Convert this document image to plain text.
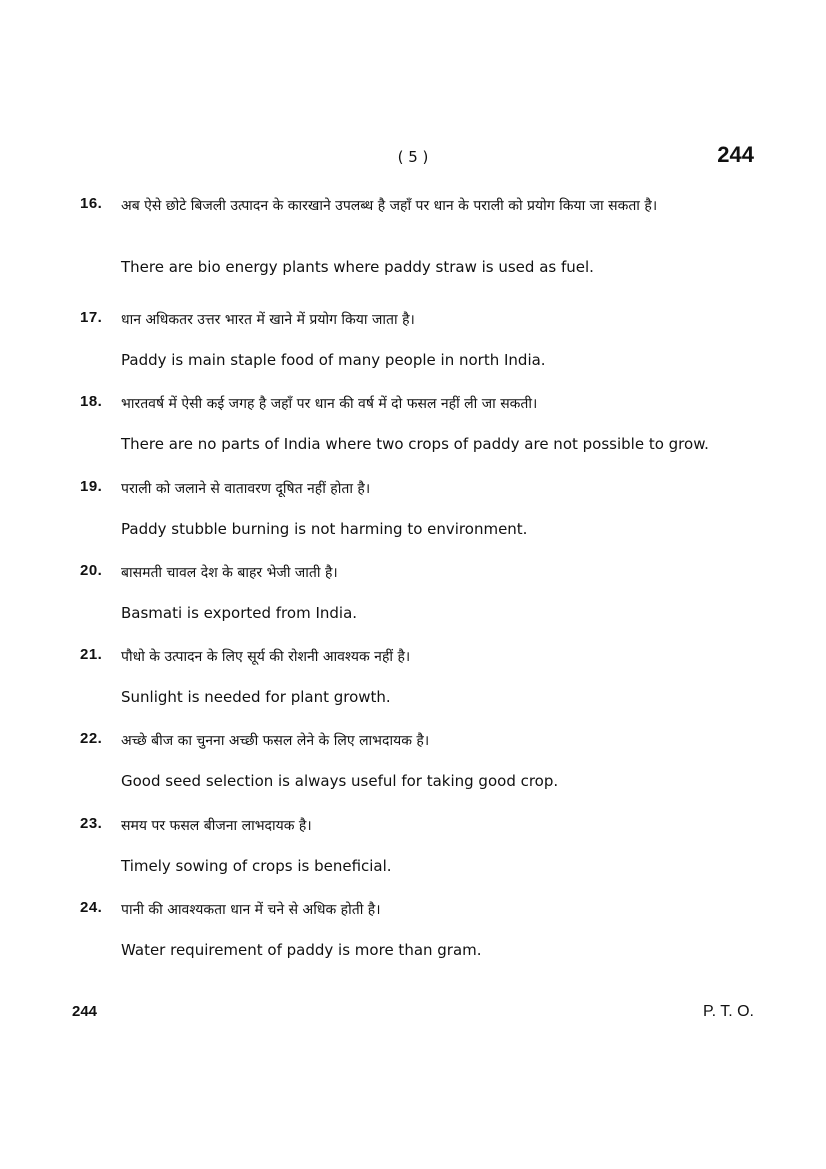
( 5 )	244
16. अब ऐसे छोटे बिजली उत्पादन के कारखाने उपलब्ध है जहाँ पर धान के पराली को प्रयोग किया जा सकता है।
There are bio energy plants where paddy straw is used as fuel.
17. धान अधिकतर उत्तर भारत में खाने में प्रयोग किया जाता है।
Paddy is main staple food of many people in north India.
18. भारतवर्ष में ऐसी कई जगह है जहाँ पर धान की वर्ष में दो फसल नहीं ली जा सकती।
There are no parts of India where two crops of paddy are not possible to grow.
19. पराली को जलाने से वातावरण दूषित नहीं होता है।
Paddy stubble burning is not harming to environment.
20. बासमती चावल देश के बाहर भेजी जाती है।
Basmati is exported from India.
21. पौधो के उत्पादन के लिए सूर्य की रोशनी आवश्यक नहीं है।
Sunlight is needed for plant growth.
22. अच्छे बीज का चुनना अच्छी फसल लेने के लिए लाभदायक है।
Good seed selection is always useful for taking good crop.
23. समय पर फसल बीजना लाभदायक है।
Timely sowing of crops is beneficial.
24. पानी की आवश्यकता धान में चने से अधिक होती है।
Water requirement of paddy is more than gram.
244	P. T. O.
